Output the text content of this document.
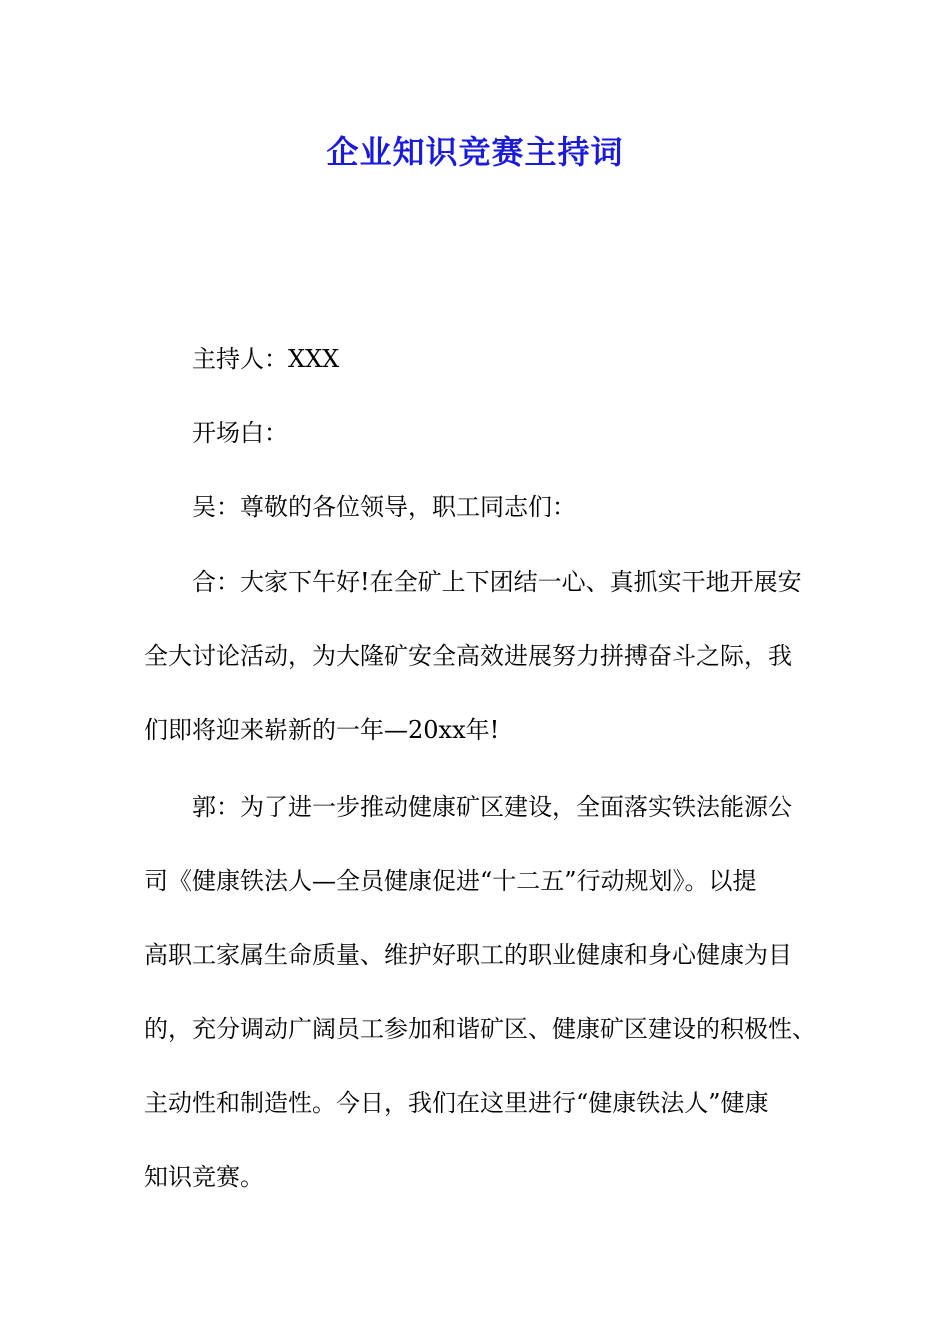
企业知识竞赛主持词
主持人：XXX
开场白：
吴：尊敬的各位领导，职工同志们：
合：大家下午好!在全矿上下团结一心、真抓实干地开展安
全大讨论活动，为大隆矿安全高效进展努力拼搏奋斗之际，我
们即将迎来崭新的一年—20xx年!
郭：为了进一步推动健康矿区建设，全面落实铁法能源公
司《健康铁法人—全员健康促进“十二五”行动规划》。以提
高职工家属生命质量、维护好职工的职业健康和身心健康为目
的，充分调动广阔员工参加和谐矿区、健康矿区建设的积极性、
主动性和制造性。今日，我们在这里进行“健康铁法人”健康
知识竞赛。
